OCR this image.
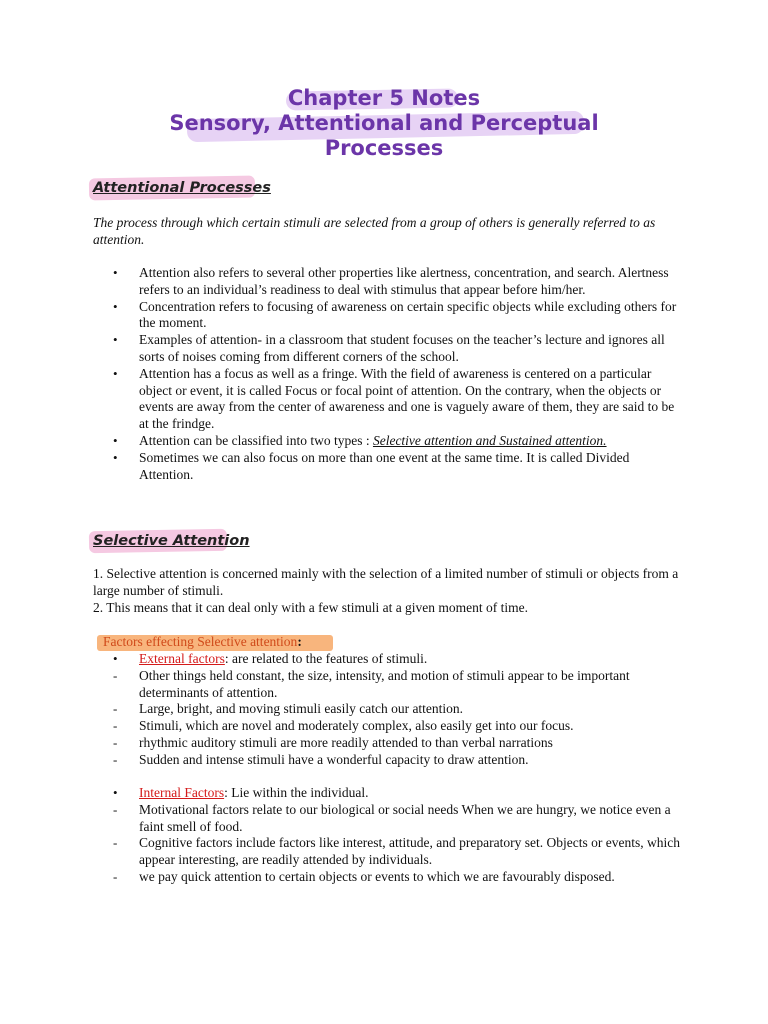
Chapter 5 Notes
Sensory, Attentional and Perceptual
Processes
Attentional Processes
The process through which certain stimuli are selected from a group of others is generally referred to as attention.
• Attention also refers to several other properties like alertness, concentration, and search. Alertness refers to an individual’s readiness to deal with stimulus that appear before him/her.
• Concentration refers to focusing of awareness on certain specific objects while excluding others for the moment.
• Examples of attention- in a classroom that student focuses on the teacher’s lecture and ignores all sorts of noises coming from different corners of the school.
• Attention has a focus as well as a fringe. With the field of awareness is centered on a particular object or event, it is called Focus or focal point of attention. On the contrary, when the objects or events are away from the center of awareness and one is vaguely aware of them, they are said to be at the frindge.
• Attention can be classified into two types : Selective attention and Sustained attention.
• Sometimes we can also focus on more than one event at the same time. It is called Divided Attention.
Selective Attention
1. Selective attention is concerned mainly with the selection of a limited number of stimuli or objects from a large number of stimuli.
2. This means that it can deal only with a few stimuli at a given moment of time.
Factors effecting Selective attention:
• External factors: are related to the features of stimuli.
- Other things held constant, the size, intensity, and motion of stimuli appear to be important determinants of attention.
- Large, bright, and moving stimuli easily catch our attention.
- Stimuli, which are novel and moderately complex, also easily get into our focus.
- rhythmic auditory stimuli are more readily attended to than verbal narrations
- Sudden and intense stimuli have a wonderful capacity to draw attention.
• Internal Factors: Lie within the individual.
- Motivational factors relate to our biological or social needs When we are hungry, we notice even a faint smell of food.
- Cognitive factors include factors like interest, attitude, and preparatory set. Objects or events, which appear interesting, are readily attended by individuals.
- we pay quick attention to certain objects or events to which we are favourably disposed.
